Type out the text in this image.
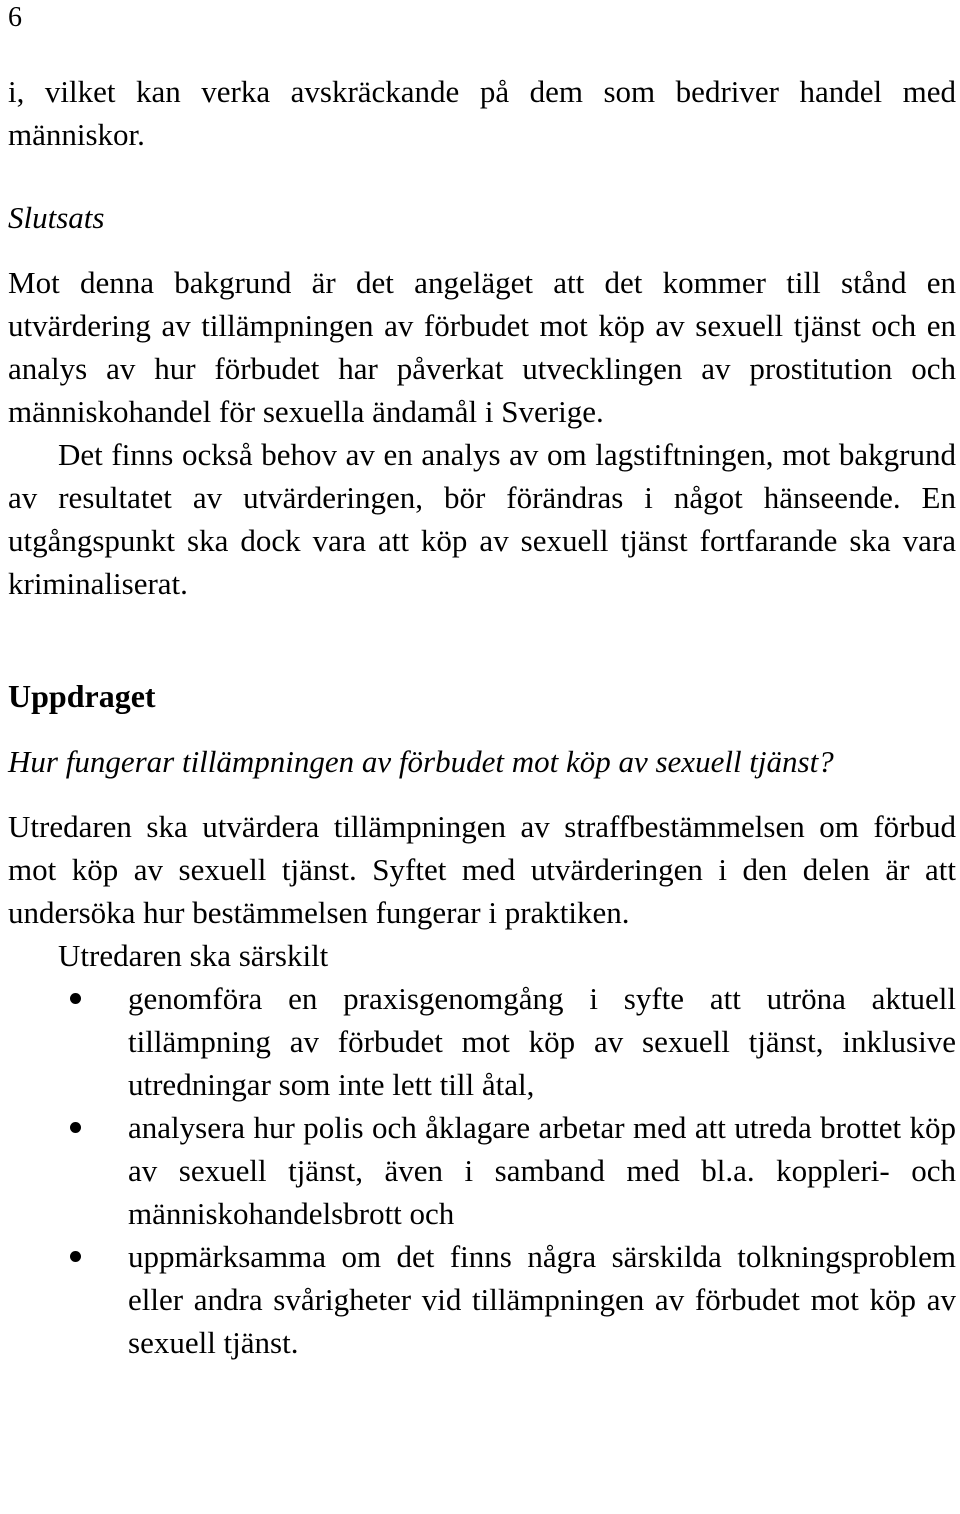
6

i, vilket kan verka avskräckande på dem som bedriver handel med människor.

Slutsats

Mot denna bakgrund är det angeläget att det kommer till stånd en utvärdering av tillämpningen av förbudet mot köp av sexuell tjänst och en analys av hur förbudet har påverkat utvecklingen av prostitution och människohandel för sexuella ändamål i Sverige.

Det finns också behov av en analys av om lagstiftningen, mot bakgrund av resultatet av utvärderingen, bör förändras i något hänseende. En utgångspunkt ska dock vara att köp av sexuell tjänst fortfarande ska vara kriminaliserat.

Uppdraget

Hur fungerar tillämpningen av förbudet mot köp av sexuell tjänst?

Utredaren ska utvärdera tillämpningen av straffbestämmelsen om förbud mot köp av sexuell tjänst. Syftet med utvärderingen i den delen är att undersöka hur bestämmelsen fungerar i praktiken.

Utredaren ska särskilt

genomföra en praxisgenomgång i syfte att utröna aktuell tillämpning av förbudet mot köp av sexuell tjänst, inklusive utredningar som inte lett till åtal,
analysera hur polis och åklagare arbetar med att utreda brottet köp av sexuell tjänst, även i samband med bl.a. koppleri- och människohandelsbrott och
uppmärksamma om det finns några särskilda tolkningsproblem eller andra svårigheter vid tillämpningen av förbudet mot köp av sexuell tjänst.
